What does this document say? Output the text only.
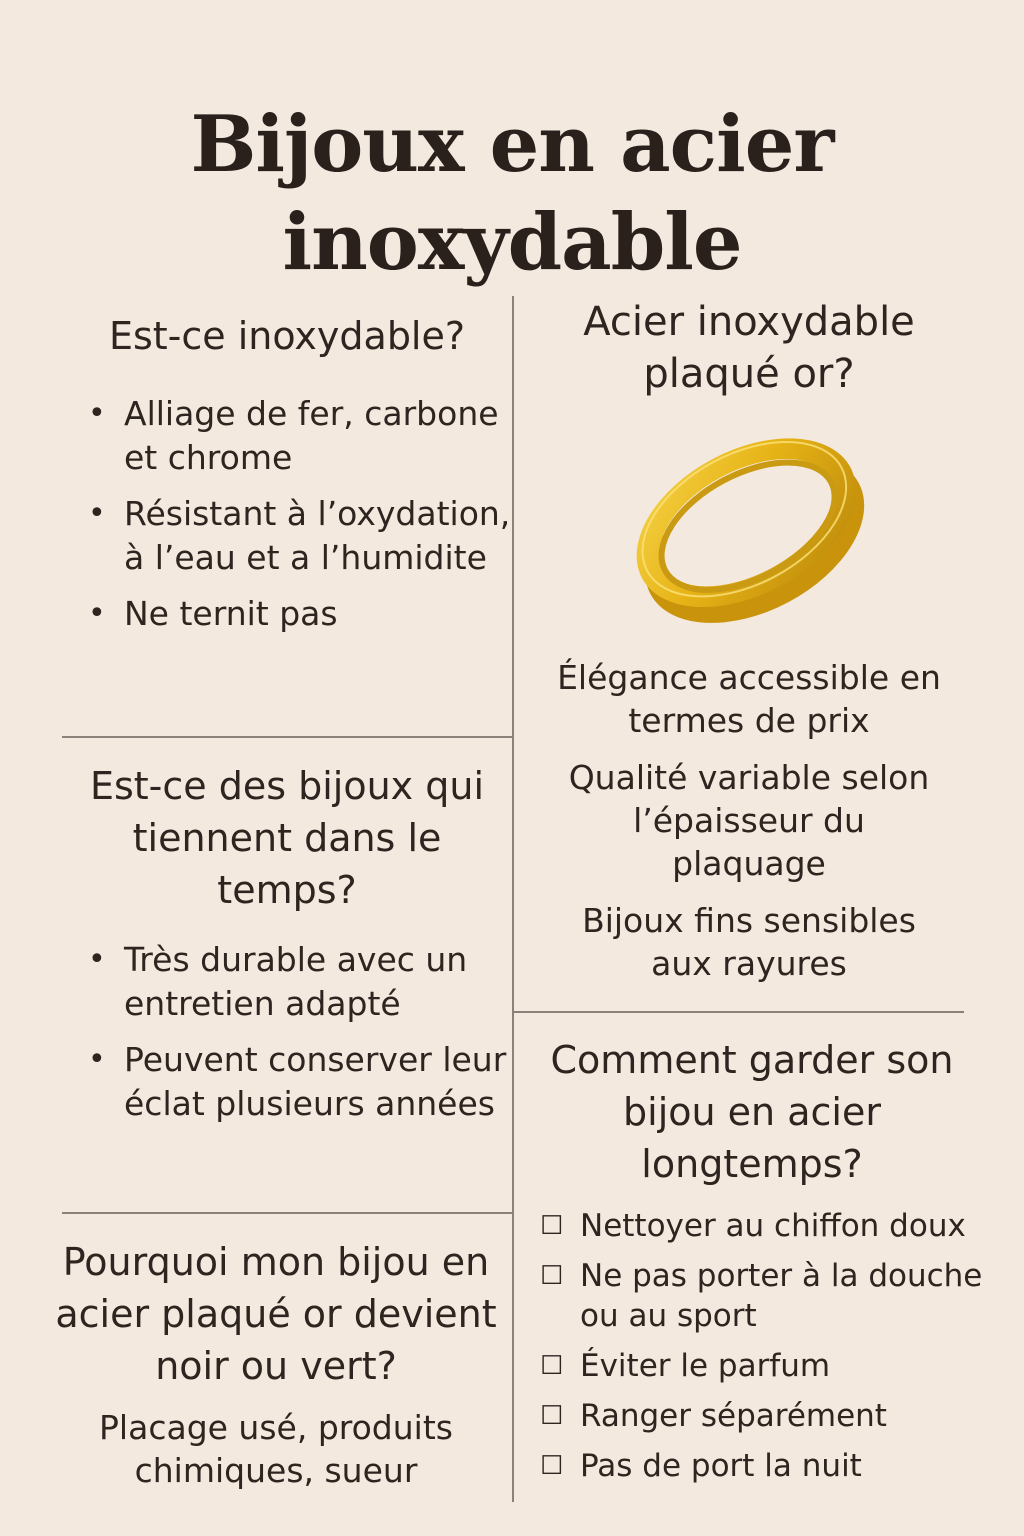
Bijoux en acier inoxydable
Est-ce inoxydable?
• Alliage de fer, carbone et chrome
• Résistant à l’oxydation, à l’eau et a l’humidite
• Ne ternit pas
Est-ce des bijoux qui tiennent dans le temps?
• Très durable avec un entretien adapté
• Peuvent conserver leur éclat plusieurs années
Pourquoi mon bijou en acier plaqué or devient noir ou vert?
Placage usé, produits chimiques, sueur
Acier inoxydable plaqué or?
Élégance accessible en termes de prix
Qualité variable selon l’épaisseur du plaquage
Bijoux fins sensibles aux rayures
Comment garder son bijou en acier longtemps?
☐ Nettoyer au chiffon doux
☐ Ne pas porter à la douche ou au sport
☐ Éviter le parfum
☐ Ranger séparément
☐ Pas de port la nuit
